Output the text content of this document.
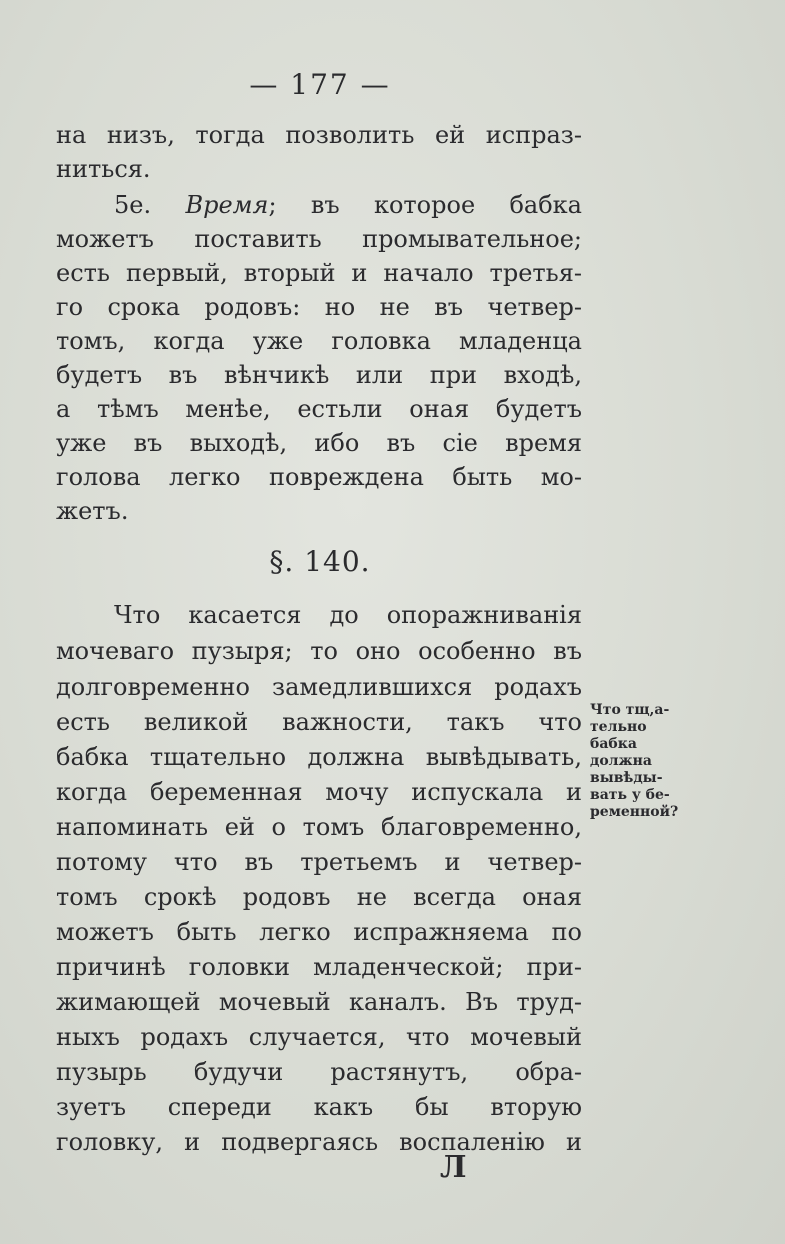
— 177 —
на низъ, тогда позволить ей испраз-
ниться.
5е. Время; въ которое бабка
можетъ поставить промывательное;
есть первый, вторый и начало третья-
го срока родовъ: но не въ четвер-
томъ, когда уже головка младенца
будетъ въ вѣнчикѣ или при входѣ,
а тѣмъ менѣе, естьли оная будетъ
уже въ выходѣ, ибо въ сіе время
голова легко повреждена быть мо-
жетъ.
§. 140.
Что касается до опоражниванія
мочеваго пузыря; то оно особенно въ
долговременно замедлившихся родахъ
есть великой важности, такъ что
бабка тщательно должна вывѣдывать,
когда беременная мочу испускала и
напоминать ей о томъ благовременно,
потому что въ третьемъ и четвер-
томъ срокѣ родовъ не всегда оная
можетъ быть легко испражняема по
причинѣ головки младенческой; при-
жимающей мочевый каналъ. Въ труд-
ныхъ родахъ случается, что мочевый
пузырь будучи растянутъ, обра-
зуетъ спереди какъ бы вторую
головку, и подвергаясь воспаленію и
Что тщ,а-
тельно
бабка
должна
вывѣды-
вать у бе-
ременной?
Л
